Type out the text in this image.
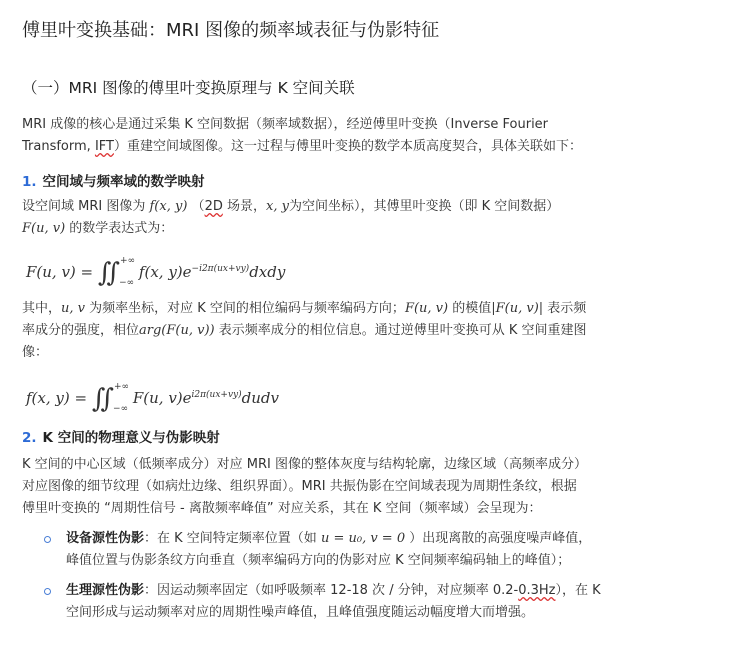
傅里叶变换基础：MRI 图像的频率域表征与伪影特征
（一）MRI 图像的傅里叶变换原理与 K 空间关联
MRI 成像的核心是通过采集 K 空间数据（频率域数据），经逆傅里叶变换（Inverse Fourier
Transform, IFT）重建空间域图像。这一过程与傅里叶变换的数学本质高度契合，具体关联如下：
1. 空间域与频率域的数学映射
设空间域 MRI 图像为 f(x, y) （2D 场景，x, y为空间坐标），其傅里叶变换（即 K 空间数据）
F(u, v) 的数学表达式为：
F(u, $v) = ∬^{+\infty}_{-\infty}$ f(x, $y)e^{-i2\pi(ux+vy)}dxdy$
其中，u, v 为频率坐标，对应 K 空间的相位编码与频率编码方向；F(u, v) 的模值|F(u, v)| 表示频
率成分的强度，相位arg(F(u, v)) 表示频率成分的相位信息。通过逆傅里叶变换可从 K 空间重建图
像：
f(x, $y) = ∬^{+\infty}_{-\infty}$ F(u, $v)e^{i2\pi(ux+vy)}dudv$
2. K 空间的物理意义与伪影映射
K 空间的中心区域（低频率成分）对应 MRI 图像的整体灰度与结构轮廓，边缘区域（高频率成分）
对应图像的细节纹理（如病灶边缘、组织界面）。MRI 共振伪影在空间域表现为周期性条纹，根据
傅里叶变换的 “周期性信号 - 离散频率峰值” 对应关系，其在 K 空间（频率域）会呈现为：
设备源性伪影：在 K 空间特定频率位置（如 u = u₀, v = 0 ）出现离散的高强度噪声峰值，
峰值位置与伪影条纹方向垂直（频率编码方向的伪影对应 K 空间频率编码轴上的峰值）；
生理源性伪影：因运动频率固定（如呼吸频率 12-18 次 / 分钟，对应频率 0.2-0.3Hz），在 K
空间形成与运动频率对应的周期性噪声峰值，且峰值强度随运动幅度增大而增强。
